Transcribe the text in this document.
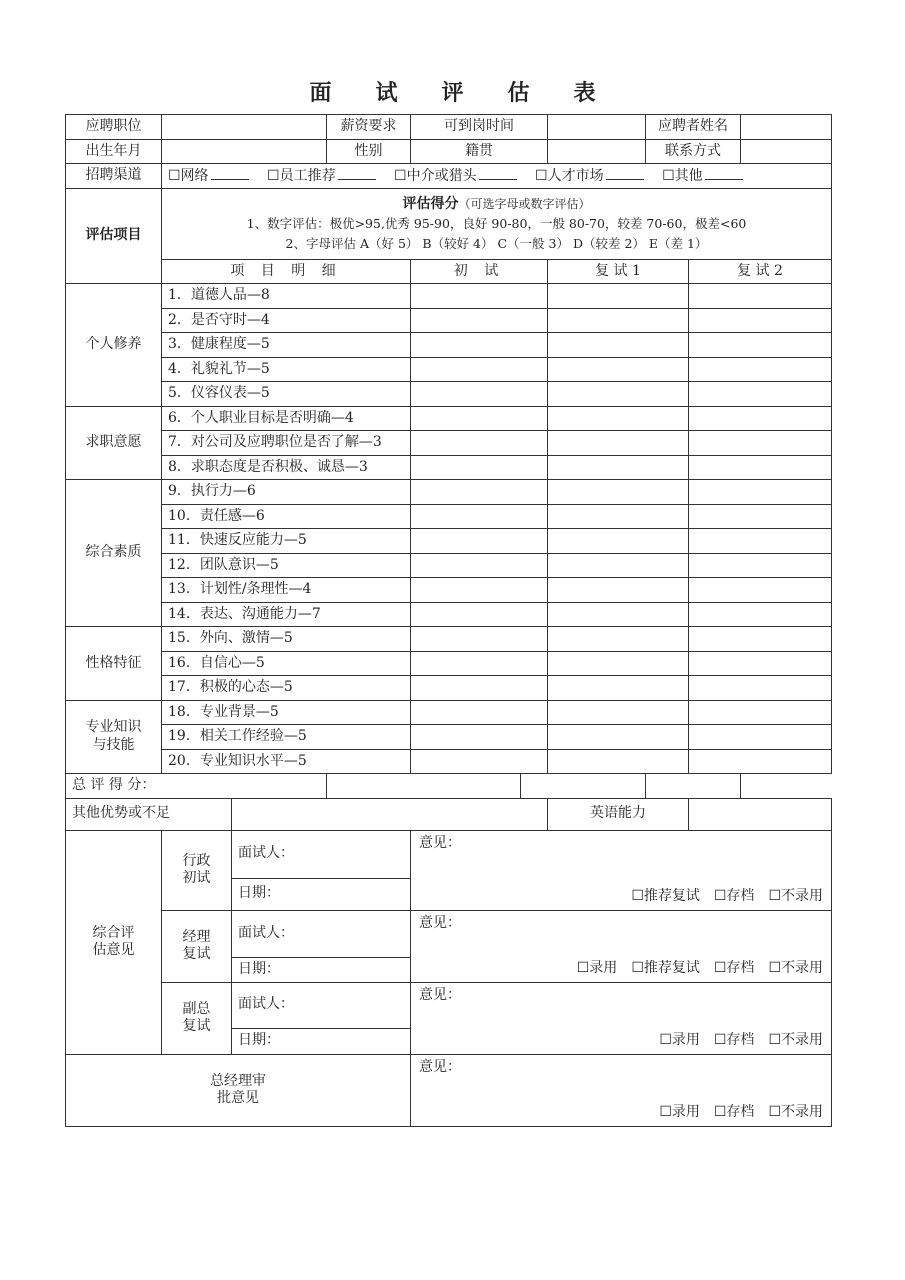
面 试 评 估 表
应聘职位			薪资要求	可到岗时间			应聘者姓名		
出生年月			性别	籍贯			联系方式		
招聘渠道	☐网络 ☐员工推荐 ☐中介或猎头 ☐人才市场 ☐其他								
评估项目	评估得分（可选字母或数字评估）
1、数字评估：极优>95,优秀 95-90，良好 90-80，一般 80-70，较差 70-60，极差<60
2、字母评估 A（好 5） B（较好 4） C（一般 3） D（较差 2） E（差 1）								

	项 目 明 细			初 试		复 试 1		复 试 2	
个人修养	1．道德人品—8								
	2．是否守时—4								
	3．健康程度—5								
	4．礼貌礼节—5								
	5．仪容仪表—5								
求职意愿	6．个人职业目标是否明确—4								
	7．对公司及应聘职位是否了解—3								
	8．求职态度是否积极、诚恳—3								
综合素质	9．执行力—6								
	10．责任感—6								
	11．快速反应能力—5								
	12．团队意识—5								
	13．计划性/条理性—4								
	14．表达、沟通能力—7								
性格特征	15．外向、激情—5								
	16．自信心—5								
	17．积极的心态—5								
专业知识
与技能	18．专业背景—5								
	19．相关工作经验—5								
	20．专业知识水平—5								
总 评 得 分：									
其他优势或不足						英语能力			
综合评
估意见	行政
初试	面试人：		意见：
☐推荐复试 ☐存档 ☐不录用					

		日期：							
	经理
复试	面试人：		意见：
☐录用 ☐推荐复试 ☐存档 ☐不录用					

		日期：							
	副总
复试	面试人：		意见：
☐录用 ☐存档 ☐不录用					

		日期：							
总经理审
批意见				意见：
☐录用 ☐存档 ☐不录用					
